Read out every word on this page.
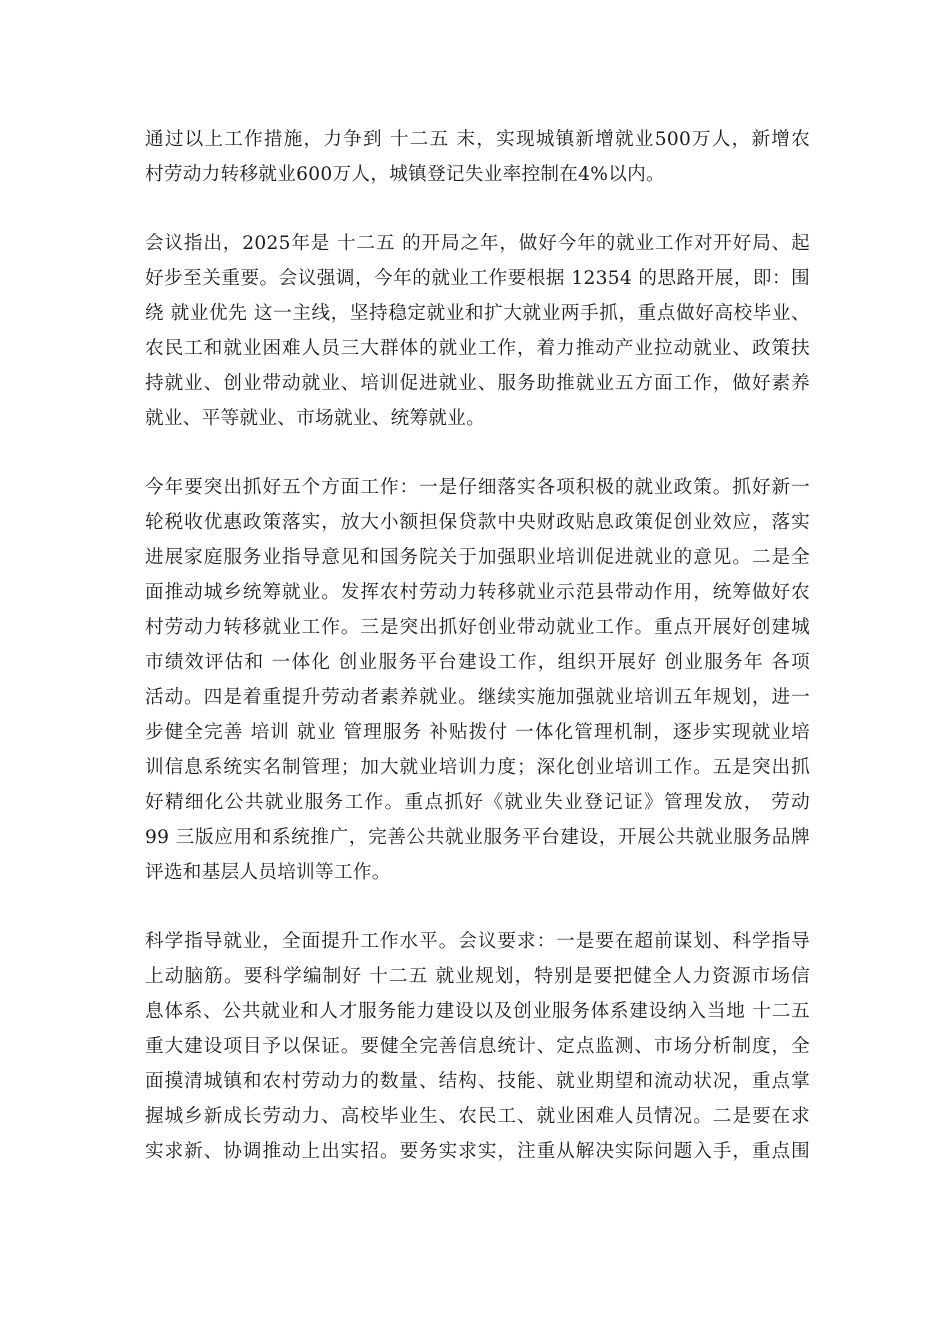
通过以上工作措施，力争到 十二五 末，实现城镇新增就业500万人，新增农
村劳动力转移就业600万人，城镇登记失业率控制在4%以内。
会议指出，2025年是 十二五 的开局之年，做好今年的就业工作对开好局、起
好步至关重要。会议强调，今年的就业工作要根据 12354 的思路开展，即：围
绕 就业优先 这一主线，坚持稳定就业和扩大就业两手抓，重点做好高校毕业、
农民工和就业困难人员三大群体的就业工作，着力推动产业拉动就业、政策扶
持就业、创业带动就业、培训促进就业、服务助推就业五方面工作，做好素养
就业、平等就业、市场就业、统筹就业。
今年要突出抓好五个方面工作：一是仔细落实各项积极的就业政策。抓好新一
轮税收优惠政策落实，放大小额担保贷款中央财政贴息政策促创业效应，落实
进展家庭服务业指导意见和国务院关于加强职业培训促进就业的意见。二是全
面推动城乡统筹就业。发挥农村劳动力转移就业示范县带动作用，统筹做好农
村劳动力转移就业工作。三是突出抓好创业带动就业工作。重点开展好创建城
市绩效评估和 一体化 创业服务平台建设工作，组织开展好 创业服务年 各项
活动。四是着重提升劳动者素养就业。继续实施加强就业培训五年规划，进一
步健全完善 培训 就业 管理服务 补贴拨付 一体化管理机制，逐步实现就业培
训信息系统实名制管理；加大就业培训力度；深化创业培训工作。五是突出抓
好精细化公共就业服务工作。重点抓好《就业失业登记证》管理发放， 劳动
99 三版应用和系统推广，完善公共就业服务平台建设，开展公共就业服务品牌
评选和基层人员培训等工作。
科学指导就业，全面提升工作水平。会议要求：一是要在超前谋划、科学指导
上动脑筋。要科学编制好 十二五 就业规划，特别是要把健全人力资源市场信
息体系、公共就业和人才服务能力建设以及创业服务体系建设纳入当地 十二五
重大建设项目予以保证。要健全完善信息统计、定点监测、市场分析制度，全
面摸清城镇和农村劳动力的数量、结构、技能、就业期望和流动状况，重点掌
握城乡新成长劳动力、高校毕业生、农民工、就业困难人员情况。二是要在求
实求新、协调推动上出实招。要务实求实，注重从解决实际问题入手，重点围
